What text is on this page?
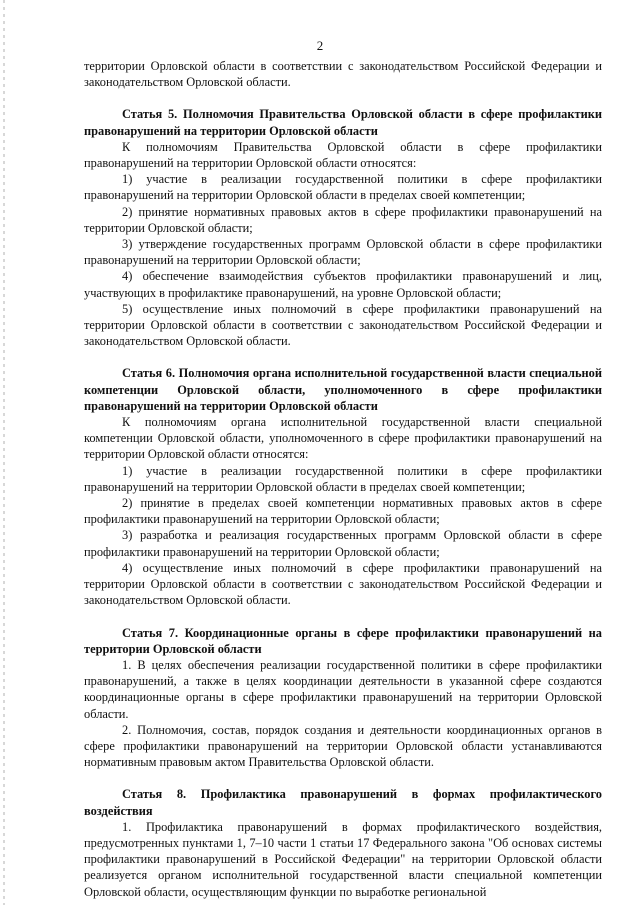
2

территории Орловской области в соответствии с законодательством Российской Федерации и законодательством Орловской области.

Статья 5. Полномочия Правительства Орловской области в сфере профилактики правонарушений на территории Орловской области

К полномочиям Правительства Орловской области в сфере профилактики правонарушений на территории Орловской области относятся:

1) участие в реализации государственной политики в сфере профилактики правонарушений на территории Орловской области в пределах своей компетенции;

2) принятие нормативных правовых актов в сфере профилактики правонарушений на территории Орловской области;

3) утверждение государственных программ Орловской области в сфере профилактики правонарушений на территории Орловской области;

4) обеспечение взаимодействия субъектов профилактики правонарушений и лиц, участвующих в профилактике правонарушений, на уровне Орловской области;

5) осуществление иных полномочий в сфере профилактики правонарушений на территории Орловской области в соответствии с законодательством Российской Федерации и законодательством Орловской области.

Статья 6. Полномочия органа исполнительной государственной власти специальной компетенции Орловской области, уполномоченного в сфере профилактики правонарушений на территории Орловской области

К полномочиям органа исполнительной государственной власти специальной компетенции Орловской области, уполномоченного в сфере профилактики правонарушений на территории Орловской области относятся:

1) участие в реализации государственной политики в сфере профилактики правонарушений на территории Орловской области в пределах своей компетенции;

2) принятие в пределах своей компетенции нормативных правовых актов в сфере профилактики правонарушений на территории Орловской области;

3) разработка и реализация государственных программ Орловской области в сфере профилактики правонарушений на территории Орловской области;

4) осуществление иных полномочий в сфере профилактики правонарушений на территории Орловской области в соответствии с законодательством Российской Федерации и законодательством Орловской области.

Статья 7. Координационные органы в сфере профилактики правонарушений на территории Орловской области

1. В целях обеспечения реализации государственной политики в сфере профилактики правонарушений, а также в целях координации деятельности в указанной сфере создаются координационные органы в сфере профилактики правонарушений на территории Орловской области.

2. Полномочия, состав, порядок создания и деятельности координационных органов в сфере профилактики правонарушений на территории Орловской области устанавливаются нормативным правовым актом Правительства Орловской области.

Статья 8. Профилактика правонарушений в формах профилактического воздействия

1. Профилактика правонарушений в формах профилактического воздействия, предусмотренных пунктами 1, 7–10 части 1 статьи 17 Федерального закона "Об основах системы профилактики правонарушений в Российской Федерации" на территории Орловской области реализуется органом исполнительной государственной власти специальной компетенции Орловской области, осуществляющим функции по выработке региональной
